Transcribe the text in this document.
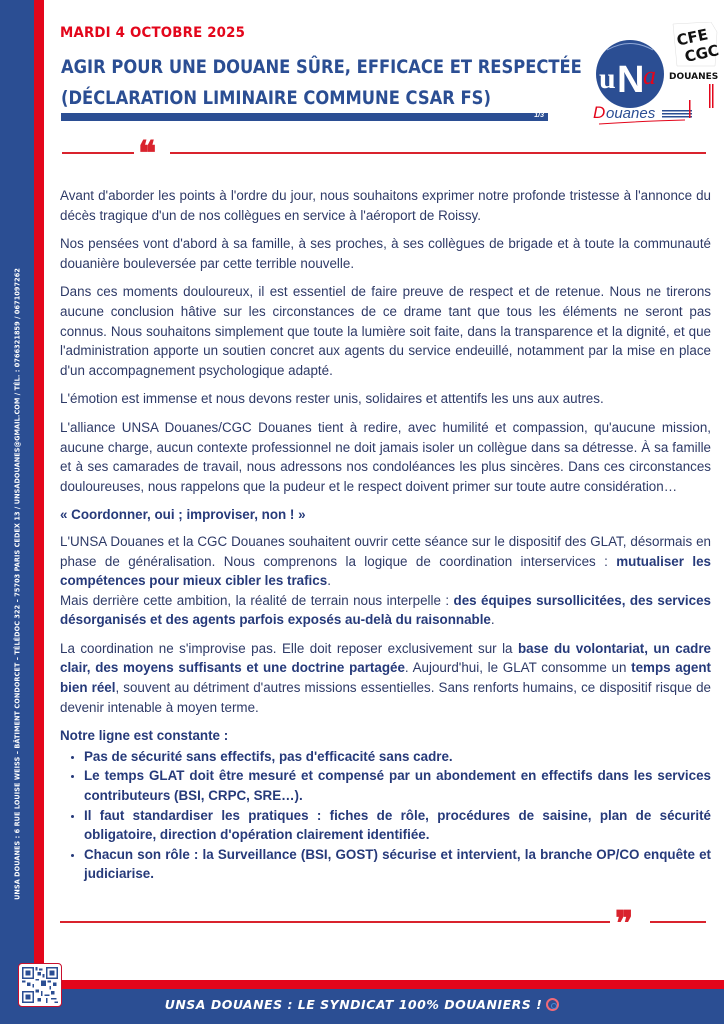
UNSA DOUANES : 6 RUE LOUISE WEISS – BÂTIMENT CONDORCET – TÉLÉDOC 322 – 75703 PARIS CEDEX 13 / UNSADOUANES@GMAIL.COM / TÉL. : 0766321859 / 0671097262
MARDI 4 OCTOBRE 2025
AGIR POUR UNE DOUANE SÛRE, EFFICACE ET RESPECTÉE
(DÉCLARATION LIMINAIRE COMMUNE CSAR FS)
1/3
u N
a
D ouanes
CFE
CGC
DOUANES
❝

Avant d'aborder les points à l'ordre du jour, nous souhaitons exprimer notre profonde tristesse à l'annonce du décès tragique d'un de nos collègues en service à l'aéroport de Roissy.

Nos pensées vont d'abord à sa famille, à ses proches, à ses collègues de brigade et à toute la communauté douanière bouleversée par cette terrible nouvelle.

Dans ces moments douloureux, il est essentiel de faire preuve de respect et de retenue. Nous ne tirerons aucune conclusion hâtive sur les circonstances de ce drame tant que tous les éléments ne seront pas connus. Nous souhaitons simplement que toute la lumière soit faite, dans la transparence et la dignité, et que l'administration apporte un soutien concret aux agents du service endeuillé, notamment par la mise en place d'un accompagnement psychologique adapté.

L'émotion est immense et nous devons rester unis, solidaires et attentifs les uns aux autres.

L'alliance UNSA Douanes/CGC Douanes tient à redire, avec humilité et compassion, qu'aucune mission, aucune charge, aucun contexte professionnel ne doit jamais isoler un collègue dans sa détresse. À sa famille et à ses camarades de travail, nous adressons nos condoléances les plus sincères. Dans ces circonstances douloureuses, nous rappelons que la pudeur et le respect doivent primer sur toute autre considération…

« Coordonner, oui ; improviser, non ! »

L'UNSA Douanes et la CGC Douanes souhaitent ouvrir cette séance sur le dispositif des GLAT, désormais en phase de généralisation. Nous comprenons la logique de coordination interservices : mutualiser les compétences pour mieux cibler les trafics.

Mais derrière cette ambition, la réalité de terrain nous interpelle : des équipes sursollicitées, des services désorganisés et des agents parfois exposés au-delà du raisonnable.

La coordination ne s'improvise pas. Elle doit reposer exclusivement sur la base du volontariat, un cadre clair, des moyens suffisants et une doctrine partagée. Aujourd'hui, le GLAT consomme un temps agent bien réel, souvent au détriment d'autres missions essentielles. Sans renforts humains, ce dispositif risque de devenir intenable à moyen terme.

Notre ligne est constante :

• Pas de sécurité sans effectifs, pas d'efficacité sans cadre.
• Le temps GLAT doit être mesuré et compensé par un abondement en effectifs dans les services contributeurs (BSI, CRPC, SRE…).
• Il faut standardiser les pratiques : fiches de rôle, procédures de saisine, plan de sécurité obligatoire, direction d'opération clairement identifiée.
• Chacun son rôle : la Surveillance (BSI, GOST) sécurise et intervient, la branche OP/CO enquête et judiciarise.
❞
UNSA DOUANES : LE SYNDICAT 100% DOUANIERS !
